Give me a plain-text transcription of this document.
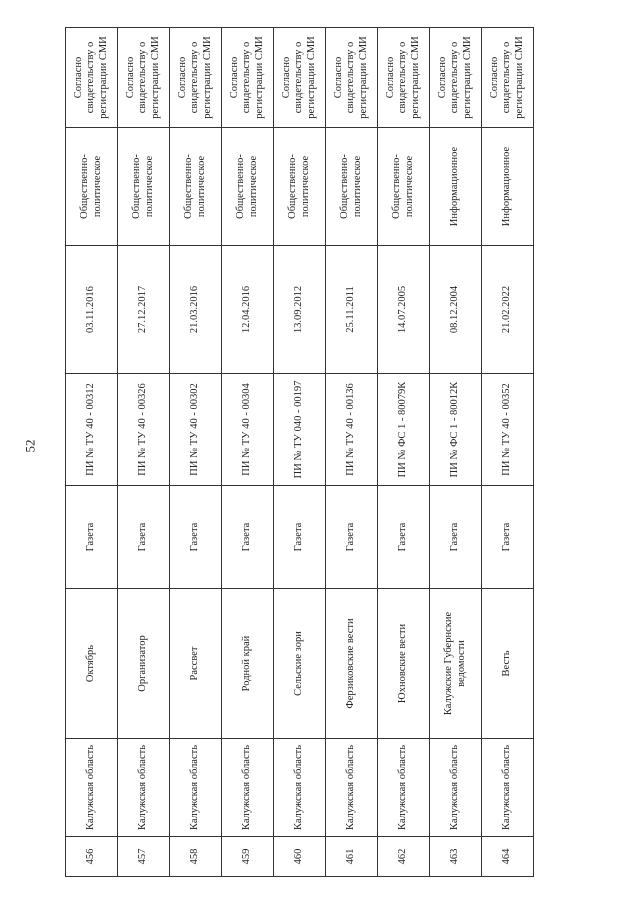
52
456	Калужская область	Октябрь	Газета	ПИ № ТУ 40 - 00312	03.11.2016	Общественно-политическое	Согласно свидетельству о регистрации СМИ
457	Калужская область	Организатор	Газета	ПИ № ТУ 40 - 00326	27.12.2017	Общественно-политическое	Согласно свидетельству о регистрации СМИ
458	Калужская область	Рассвет	Газета	ПИ № ТУ 40 - 00302	21.03.2016	Общественно-политическое	Согласно свидетельству о регистрации СМИ
459	Калужская область	Родной край	Газета	ПИ № ТУ 40 - 00304	12.04.2016	Общественно-политическое	Согласно свидетельству о регистрации СМИ
460	Калужская область	Сельские зори	Газета	ПИ № ТУ 040 - 00197	13.09.2012	Общественно-политическое	Согласно свидетельству о регистрации СМИ
461	Калужская область	Ферзиковские вести	Газета	ПИ № ТУ 40 - 00136	25.11.2011	Общественно-политическое	Согласно свидетельству о регистрации СМИ
462	Калужская область	Юхновские вести	Газета	ПИ № ФС 1 - 80079К	14.07.2005	Общественно-политическое	Согласно свидетельству о регистрации СМИ
463	Калужская область	Калужские Губернские ведомости	Газета	ПИ № ФС 1 - 80012К	08.12.2004	Информационное	Согласно свидетельству о регистрации СМИ
464	Калужская область	Весть	Газета	ПИ № ТУ 40 - 00352	21.02.2022	Информационное	Согласно свидетельству о регистрации СМИ
